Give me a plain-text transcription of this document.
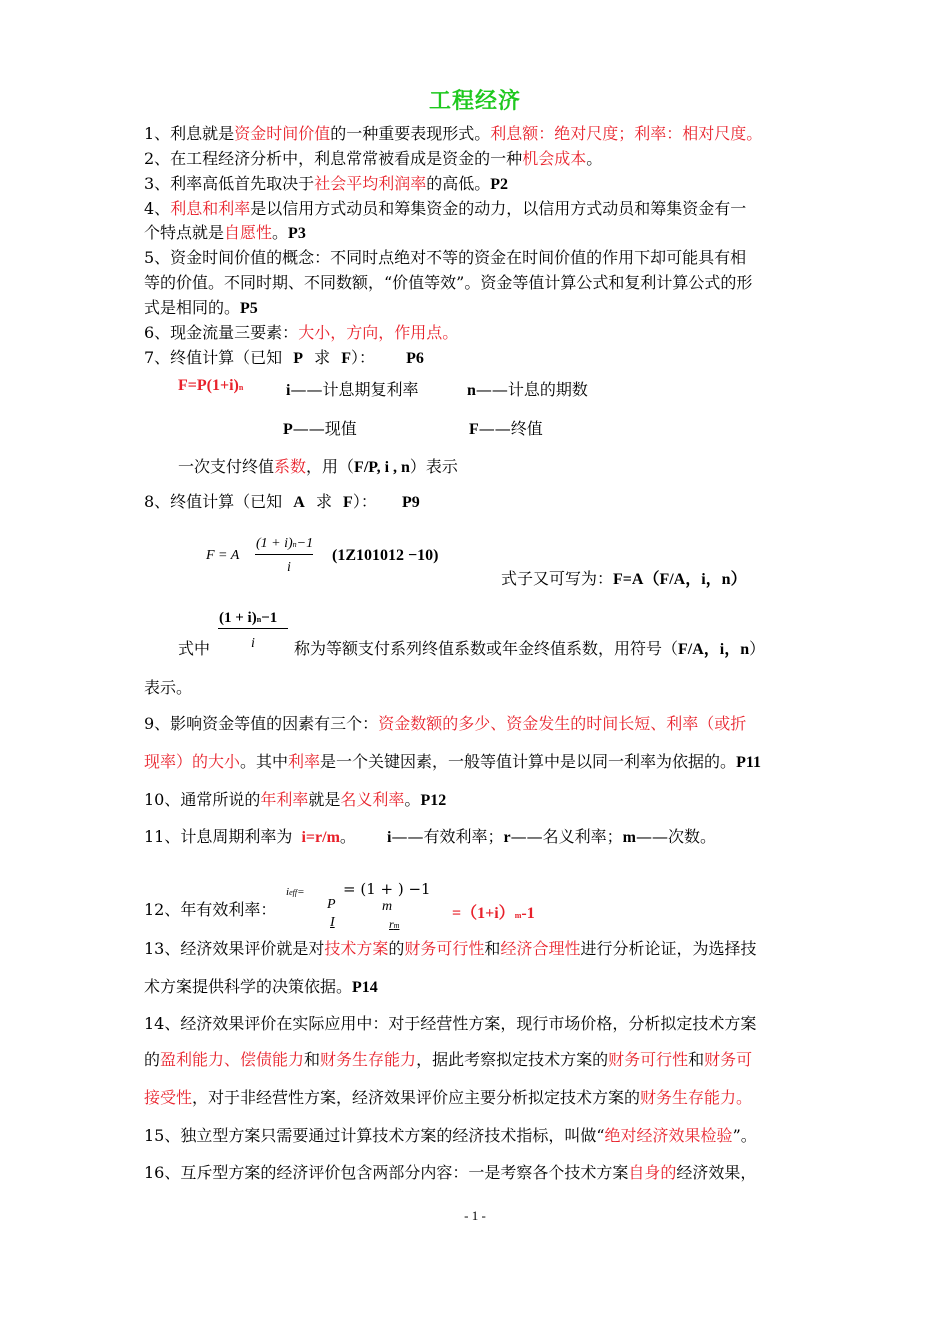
工程经济
1、利息就是资金时间价值的一种重要表现形式。利息额：绝对尺度；利率：相对尺度。
2、在工程经济分析中，利息常常被看成是资金的一种机会成本。
3、利率高低首先取决于社会平均利润率的高低。P2
4、利息和利率是以信用方式动员和筹集资金的动力，以信用方式动员和筹集资金有一
个特点就是自愿性。P3
5、资金时间价值的概念：不同时点绝对不等的资金在时间价值的作用下却可能具有相
等的价值。不同时期、不同数额，“价值等效”。资金等值计算公式和复利计算公式的形
式是相同的。P5
6、现金流量三要素：大小，方向，作用点。
7、终值计算（已知 P 求 F）： P6
F=P(1+i)n	i——计息期复利率	n——计息的期数
P——现值	F——终值
一次支付终值系数，用（F/P, i , n）表示
8、终值计算（已知 A 求 F）： P9
F = A
(1 + i)n−1
i
(1Z101012 −10)
式子又可写为：F=A（F/A，i，n）
(1 + i)n−1
式中	i 称为等额支付系列终值系数或年金终值系数，用符号（F/A，i，n）
表示。
9、影响资金等值的因素有三个：资金数额的多少、资金发生的时间长短、利率（或折
现率）的大小。其中利率是一个关键因素，一般等值计算中是以同一利率为依据的。P11
10、通常所说的年利率就是名义利率。P12
11、计息周期利率为 i=r/m。 i——有效利率；r——名义利率；m——次数。
12、年有效利率：
ieff=	= (1 + ) −1
P	m
I	rm
=（1+i）m-1
13、经济效果评价就是对技术方案的财务可行性和经济合理性进行分析论证，为选择技
术方案提供科学的决策依据。P14
14、经济效果评价在实际应用中：对于经营性方案，现行市场价格，分析拟定技术方案
的盈利能力、偿债能力和财务生存能力，据此考察拟定技术方案的财务可行性和财务可
接受性，对于非经营性方案，经济效果评价应主要分析拟定技术方案的财务生存能力。
15、独立型方案只需要通过计算技术方案的经济技术指标，叫做“绝对经济效果检验”。
16、互斥型方案的经济评价包含两部分内容：一是考察各个技术方案自身的经济效果，
- 1 -
